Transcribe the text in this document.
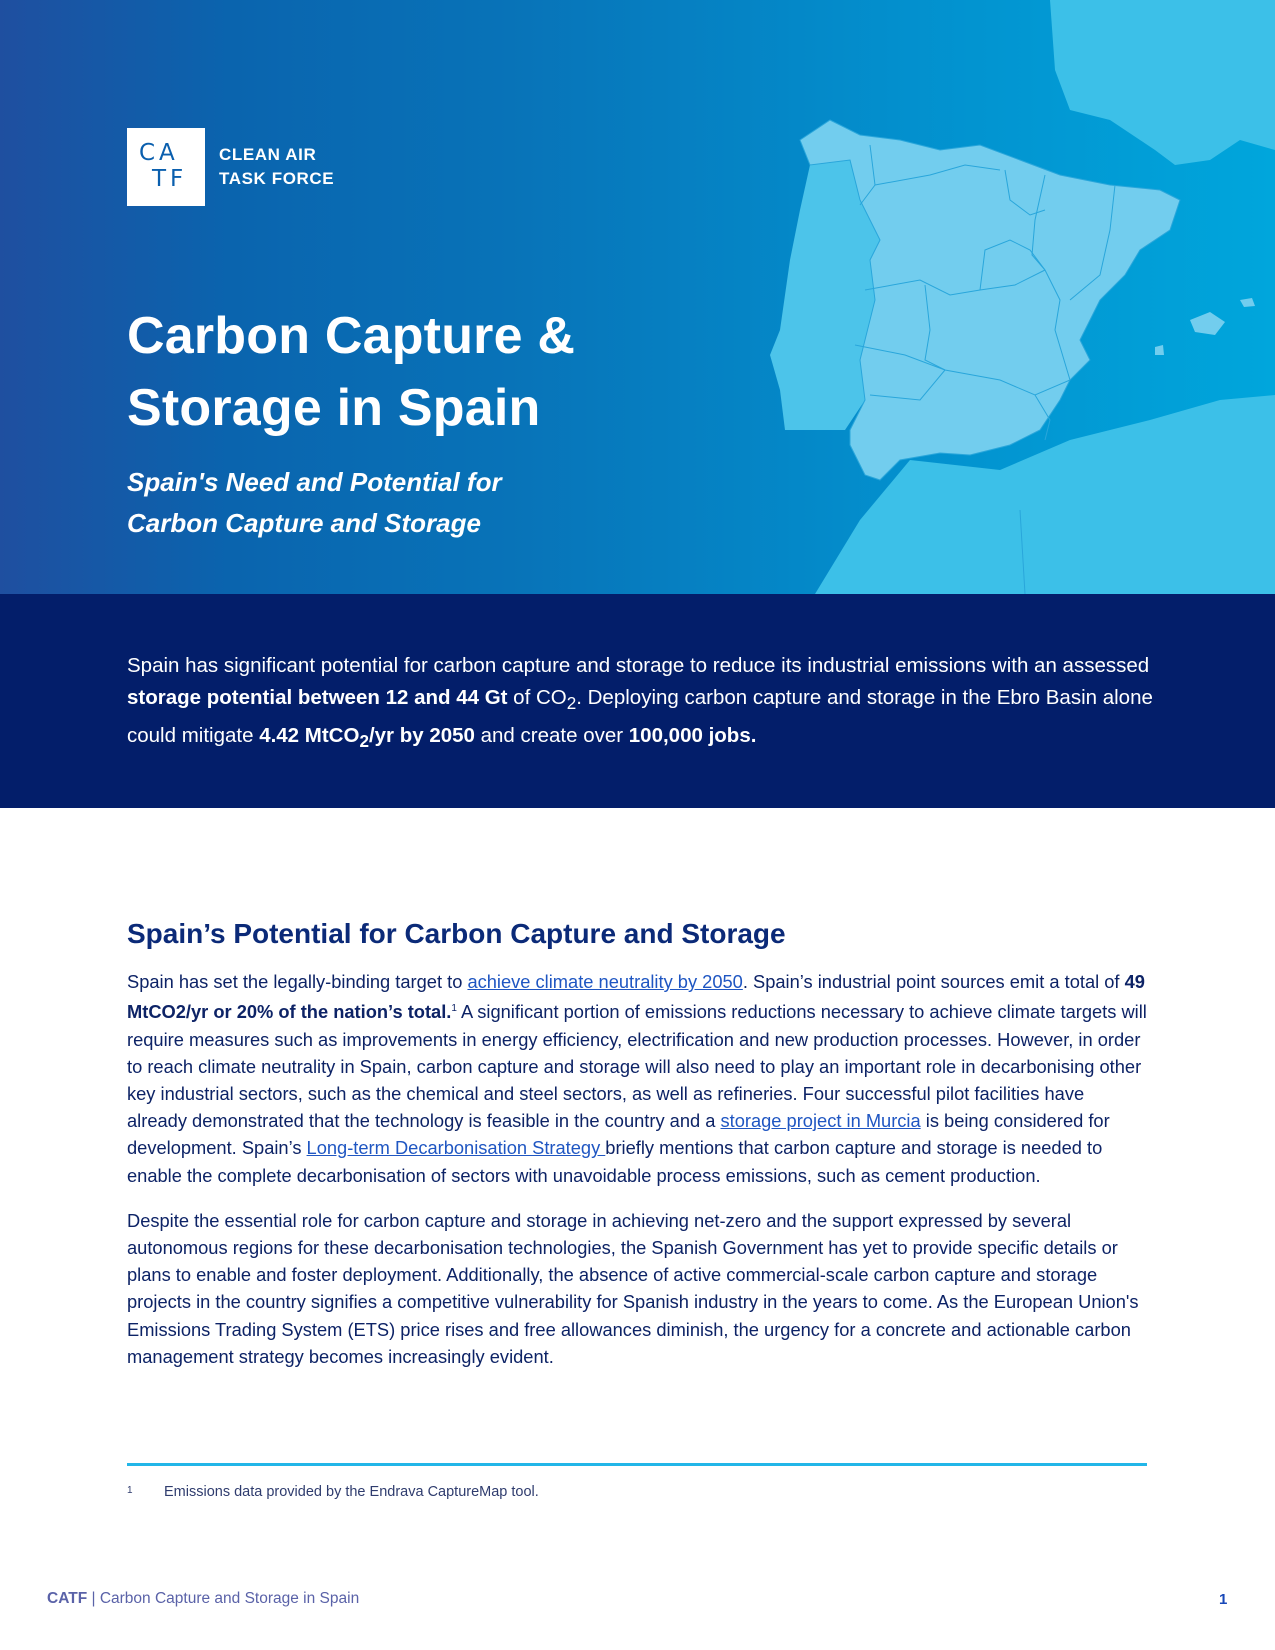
CA
TF
CLEAN AIR
TASK FORCE
Carbon Capture &
Storage in Spain
Spain's Need and Potential for
Carbon Capture and Storage

Spain has significant potential for carbon capture and storage to reduce its industrial emissions with an assessed storage potential between 12 and 44 Gt of $CO_2$. Deploying carbon capture and storage in the Ebro Basin alone could mitigate 4.42 MtCO$_2$/yr by 2050 and create over 100,000 jobs.

Spain’s Potential for Carbon Capture and Storage

Spain has set the legally-binding target to achieve climate neutrality by 2050. Spain’s industrial point sources emit a total of 49 MtCO2/yr or 20% of the nation’s total.$^1$ A significant portion of emissions reductions necessary to achieve climate targets will require measures such as improvements in energy efficiency, electrification and new production processes. However, in order to reach climate neutrality in Spain, carbon capture and storage will also need to play an important role in decarbonising other key industrial sectors, such as the chemical and steel sectors, as well as refineries. Four successful pilot facilities have already demonstrated that the technology is feasible in the country and a storage project in Murcia is being considered for development. Spain’s Long-term Decarbonisation Strategy briefly mentions that carbon capture and storage is needed to enable the complete decarbonisation of sectors with unavoidable process emissions, such as cement production.

Despite the essential role for carbon capture and storage in achieving net-zero and the support expressed by several autonomous regions for these decarbonisation technologies, the Spanish Government has yet to provide specific details or plans to enable and foster deployment. Additionally, the absence of active commercial-scale carbon capture and storage projects in the country signifies a competitive vulnerability for Spanish industry in the years to come. As the European Union's Emissions Trading System (ETS) price rises and free allowances diminish, the urgency for a concrete and actionable carbon management strategy becomes increasingly evident.

1	Emissions data provided by the Endrava CaptureMap tool.
CATF | Carbon Capture and Storage in Spain	1
